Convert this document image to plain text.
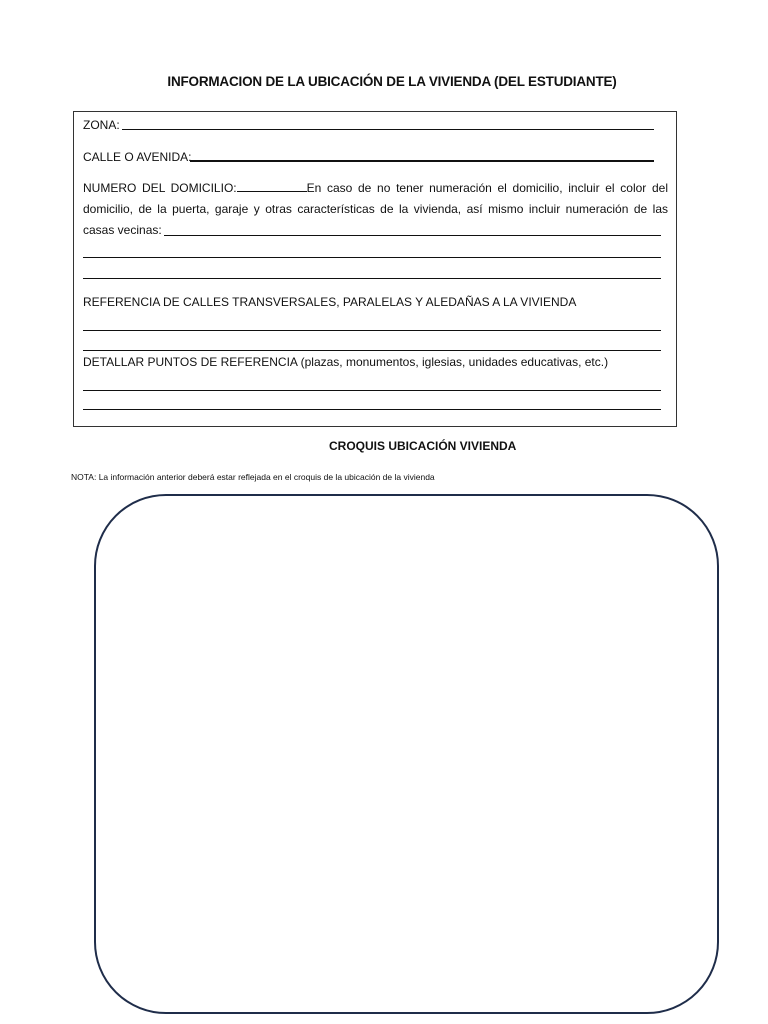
INFORMACION DE LA UBICACIÓN DE LA VIVIENDA (DEL ESTUDIANTE)
ZONA:
CALLE O AVENIDA:
NUMERO DEL DOMICILIO:	En caso de no tener numeración el domicilio, incluir el color del domicilio, de la puerta, garaje y otras características de la vivienda, así mismo incluir numeración de las casas vecinas:
REFERENCIA DE CALLES TRANSVERSALES, PARALELAS Y ALEDAÑAS A LA VIVIENDA
DETALLAR PUNTOS DE REFERENCIA (plazas, monumentos, iglesias, unidades educativas, etc.)
CROQUIS UBICACIÓN VIVIENDA
NOTA: La información anterior deberá estar reflejada en el croquis de la ubicación de la vivienda
